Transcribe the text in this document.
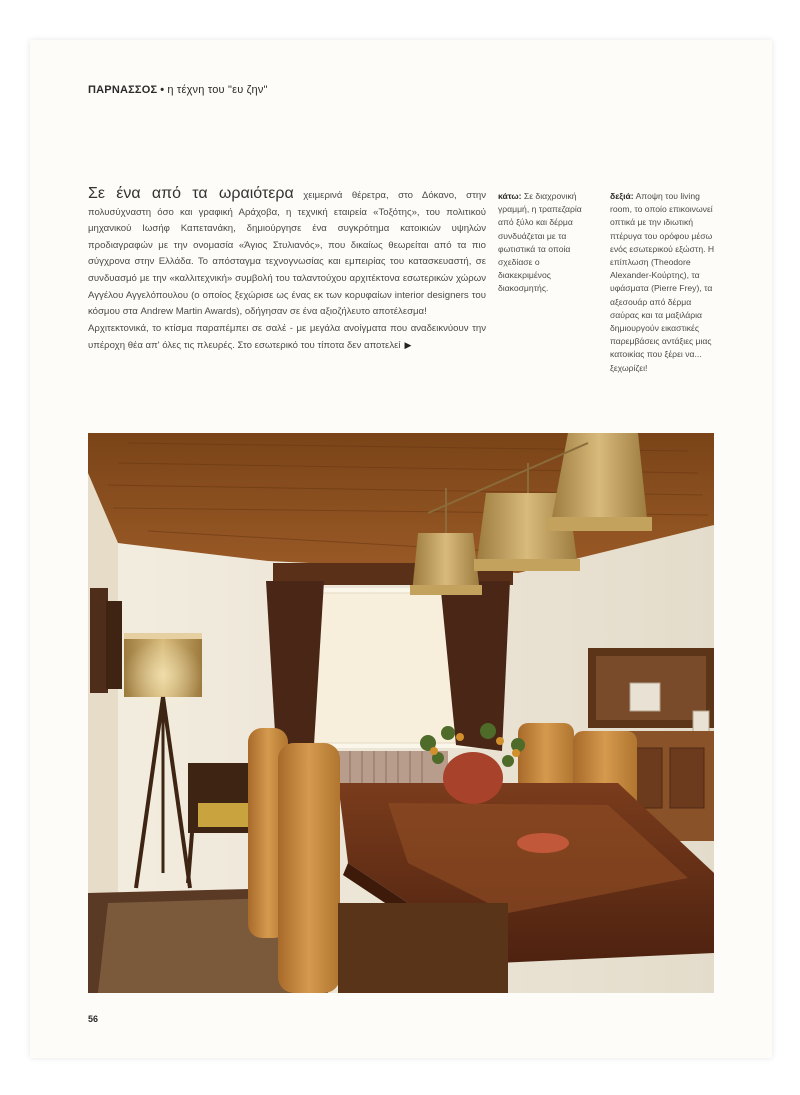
ΠΑΡΝΑΣΣΟΣ • η τέχνη του "ευ ζην"

Σε ένα από τα ωραιότερα χειμερινά θέρετρα, στο Δόκανο, στην πολυσύχναστη όσο και γραφική Αράχοβα, η τεχνική εταιρεία «Τοξότης», του πολιτικού μηχανικού Ιωσήφ Καπετανάκη, δημιούργησε ένα συγκρότημα κατοικιών υψηλών προδιαγραφών με την ονομασία «Άγιος Στυλιανός», που δικαίως θεωρείται από τα πιο σύγχρονα στην Ελλάδα. Το απόσταγμα τεχνογνωσίας και εμπειρίας του κατασκευαστή, σε συνδυασμό με την «καλλιτεχνική» συμβολή του ταλαντούχου αρχιτέκτονα εσωτερικών χώρων Αγγέλου Αγγελόπουλου (ο οποίος ξεχώρισε ως ένας εκ των κορυφαίων interior designers του κόσμου στα Andrew Martin Awards), οδήγησαν σε ένα αξιοζήλευτο αποτέλεσμα!

Αρχιτεκτονικά, το κτίσμα παραπέμπει σε σαλέ - με μεγάλα ανοίγματα που αναδεικνύουν την υπέροχη θέα απ' όλες τις πλευρές. Στο εσωτερικό του τίποτα δεν αποτελεί ▶

κάτω: Σε διαχρονική γραμμή, η τραπεζαρία από ξύλο και δέρμα συνδυάζεται με τα φωτιστικά τα οποία σχεδίασε ο διακεκριμένος διακοσμητής.
δεξιά: Αποψη του living room, το οποίο επικοινωνεί οπτικά με την ιδιωτική πτέρυγα του ορόφου μέσω ενός εσωτερικού εξώστη. Η επίπλωση (Theodore Alexander-Κούρτης), τα υφάσματα (Pierre Frey), τα αξεσουάρ από δέρμα σαύρας και τα μαξιλάρια δημιουργούν εικαστικές παρεμβάσεις αντάξιες μιας κατοικίας που ξέρει να... ξεχωρίζει!
56
